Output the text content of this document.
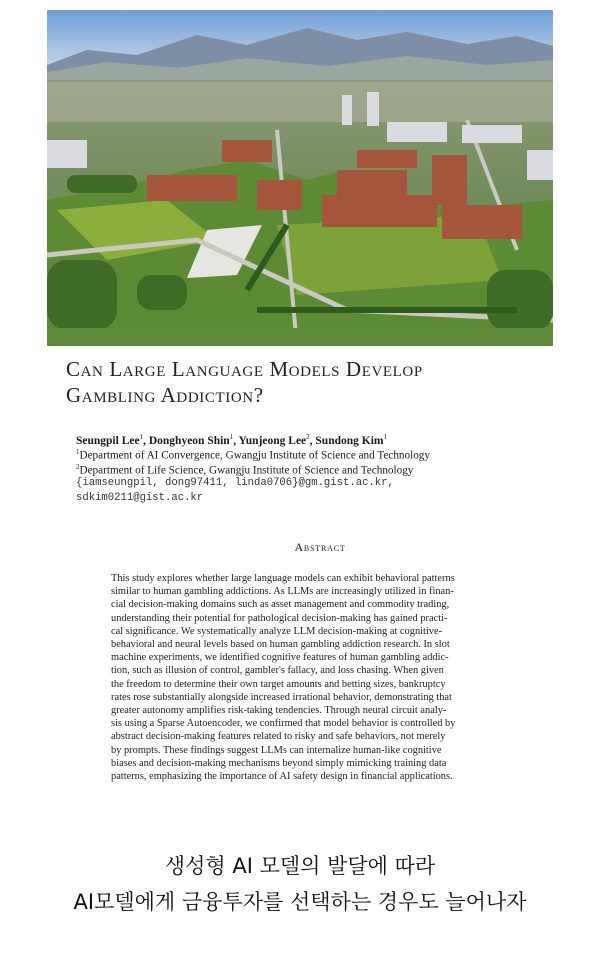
Can Large Language Models Develop
Gambling Addiction?
Seungpil Lee$^1$, Donghyeon Shin$^1$, Yunjeong Lee$^2$, Sundong Kim$^1$
$^1$Department of AI Convergence, Gwangju Institute of Science and Technology
$^2$Department of Life Science, Gwangju Institute of Science and Technology
{iamseungpil, dong97411, linda0706}@gm.gist.ac.kr,
sdkim0211@gist.ac.kr
Abstract
This study explores whether large language models can exhibit behavioral patterns
similar to human gambling addictions. As LLMs are increasingly utilized in finan-
cial decision-making domains such as asset management and commodity trading,
understanding their potential for pathological decision-making has gained practi-
cal significance. We systematically analyze LLM decision-making at cognitive-
behavioral and neural levels based on human gambling addiction research. In slot
machine experiments, we identified cognitive features of human gambling addic-
tion, such as illusion of control, gambler's fallacy, and loss chasing. When given
the freedom to determine their own target amounts and betting sizes, bankruptcy
rates rose substantially alongside increased irrational behavior, demonstrating that
greater autonomy amplifies risk-taking tendencies. Through neural circuit analy-
sis using a Sparse Autoencoder, we confirmed that model behavior is controlled by
abstract decision-making features related to risky and safe behaviors, not merely
by prompts. These findings suggest LLMs can internalize human-like cognitive
biases and decision-making mechanisms beyond simply mimicking training data
patterns, emphasizing the importance of AI safety design in financial applications.
생성형 AI 모델의 발달에 따라
AI모델에게 금융투자를 선택하는 경우도 늘어나자
